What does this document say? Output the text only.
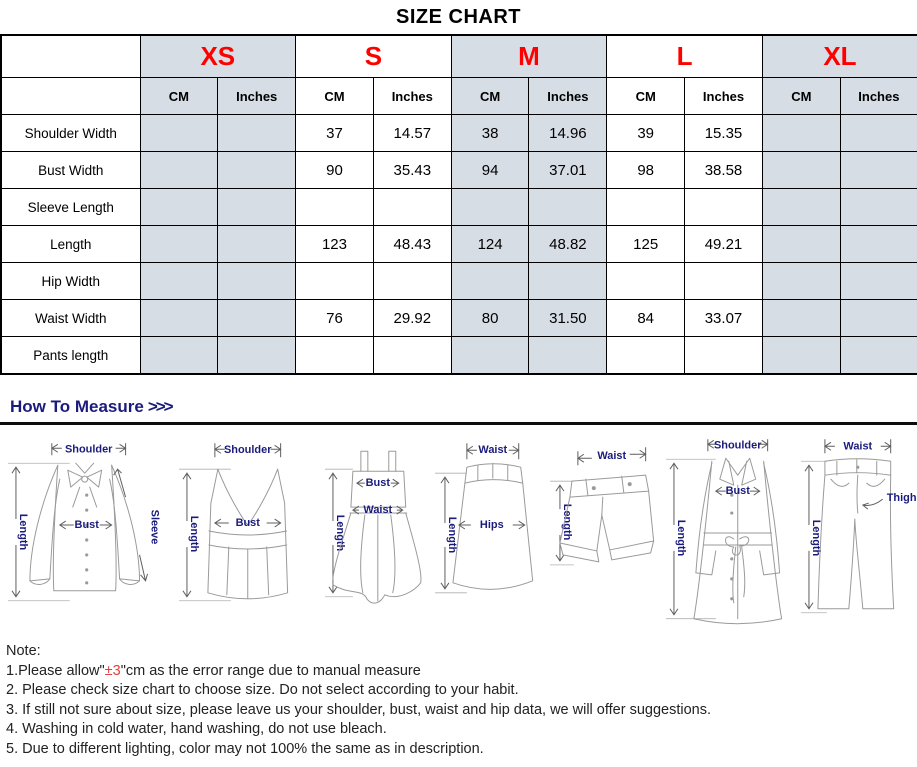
SIZE CHART
	XS		S		M		L		XL	
	CM	Inches	CM	Inches	CM	Inches	CM	Inches	CM	Inches
Shoulder Width			37	14.57	38	14.96	39	15.35		
Bust Width			90	35.43	94	37.01	98	38.58		
Sleeve Length										
Length			123	48.43	124	48.82	125	49.21		
Hip Width										
Waist Width			76	29.92	80	31.50	84	33.07		
Pants length										
How To Measure >>>
Length
Shoulder
Bust	Sleeve	Length
Shoulder
Bust	Length
Bust
Waist
Waist
Length Hips
Waist
Length
Shoulder
Length
Bust
Waist
Length
Thigh
Note:
1.Please allow"±3"cm as the error range due to manual measure
2. Please check size chart to choose size. Do not select according to your habit.
3. If still not sure about size, please leave us your shoulder, bust, waist and hip data, we will offer suggestions.
4. Washing in cold water, hand washing, do not use bleach.
5. Due to different lighting, color may not 100% the same as in description.
